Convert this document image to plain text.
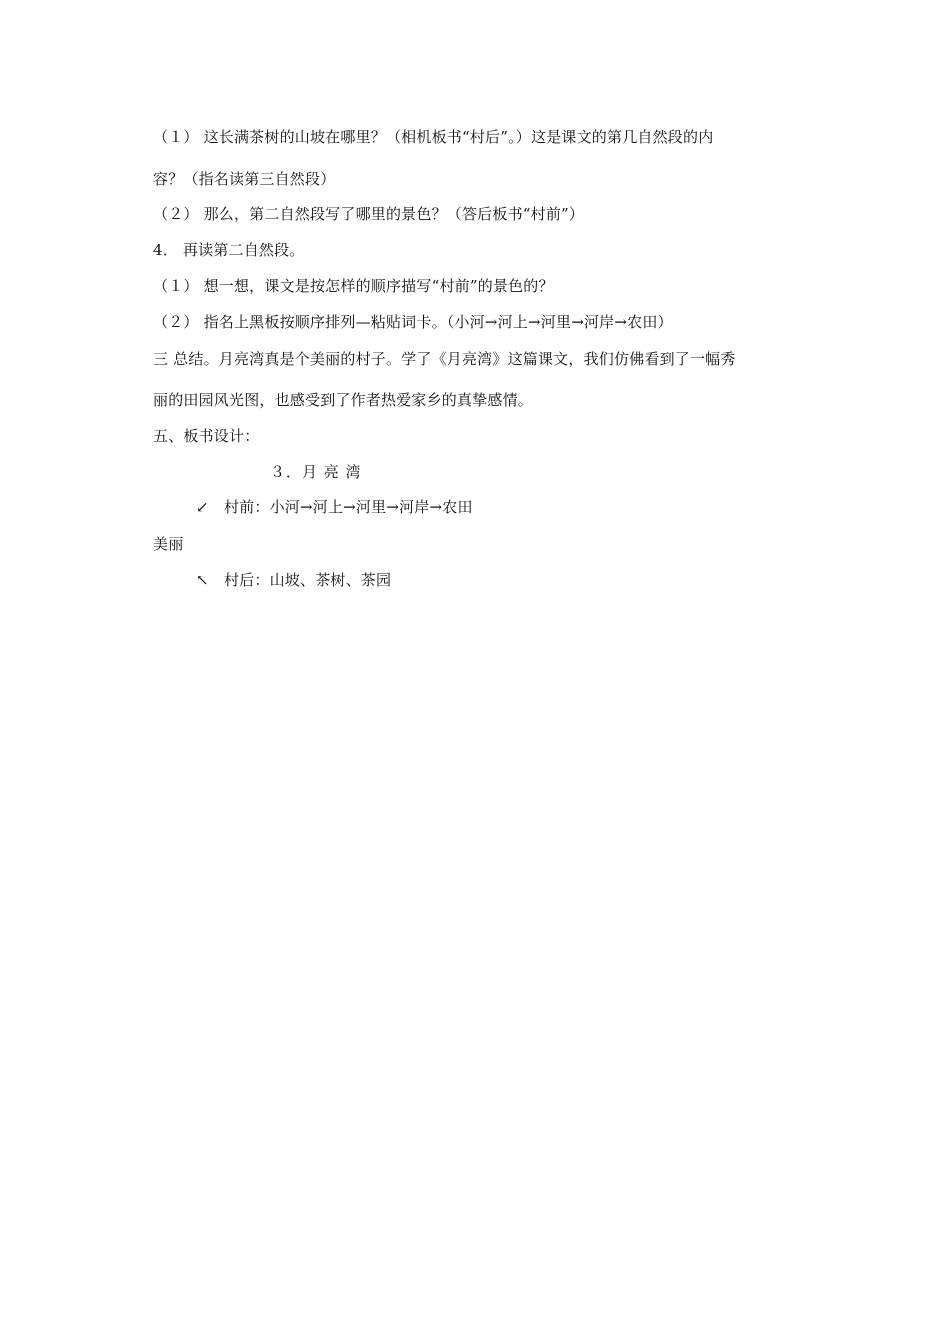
（１） 这长满茶树的山坡在哪里？（相机板书“村后”。）这是课文的第几自然段的内
容？（指名读第三自然段）
（２） 那么，第二自然段写了哪里的景色？（答后板书“村前”）
4． 再读第二自然段。
（１） 想一想，课文是按怎样的顺序描写“村前”的景色的？
（２） 指名上黑板按顺序排列—粘贴词卡。（小河→河上→河里→河岸→农田）
三 总结。月亮湾真是个美丽的村子。学了《月亮湾》这篇课文，我们仿佛看到了一幅秀
丽的田园风光图，也感受到了作者热爱家乡的真挚感情。
五、板书设计：
３．月 亮 湾
↙ 村前：小河→河上→河里→河岸→农田
美丽
↖ 村后：山坡、茶树、茶园
